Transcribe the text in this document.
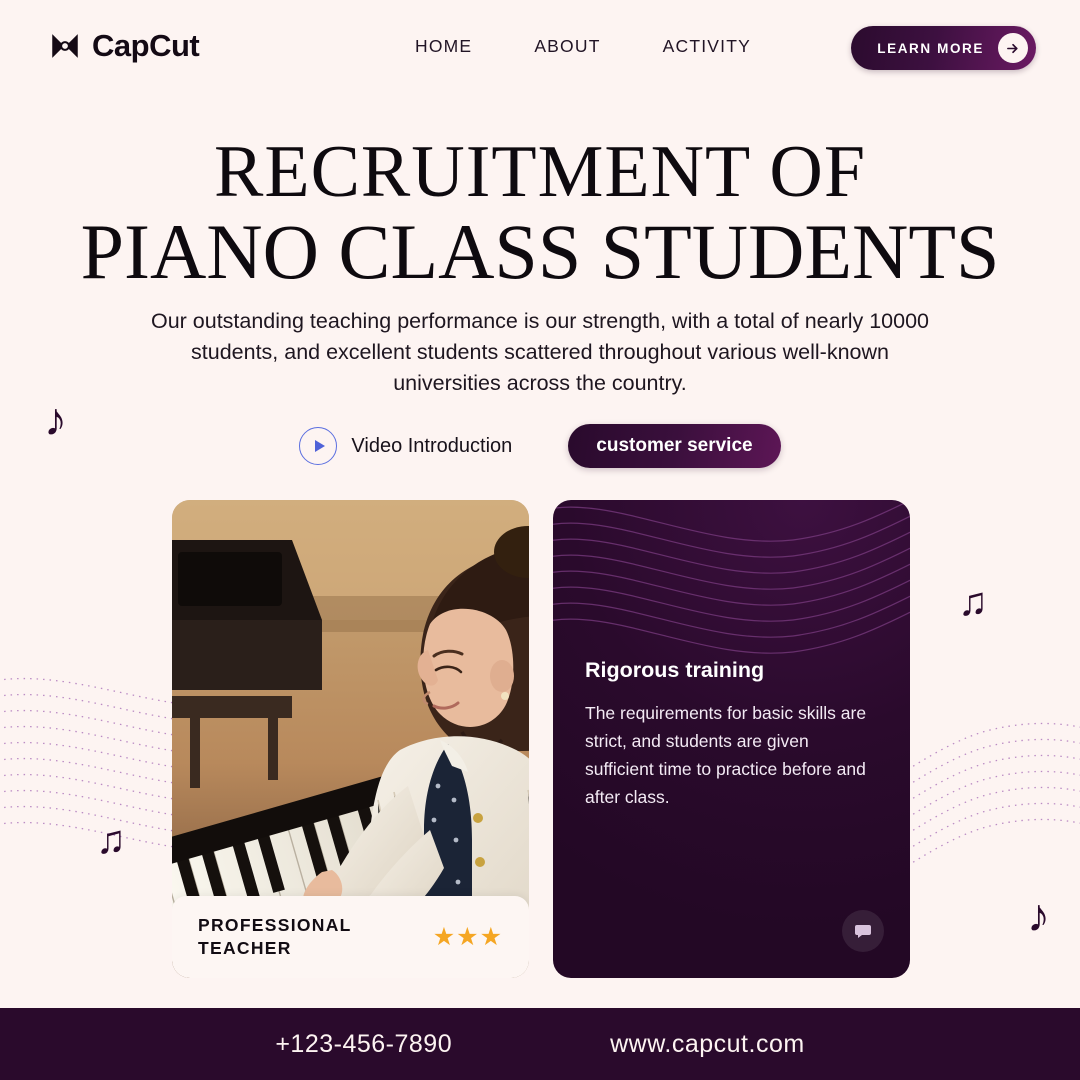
CapCut	HOME	ABOUT	ACTIVITY	LEARN MORE
RECRUITMENT OF
PIANO CLASS STUDENTS

Our outstanding teaching performance is our strength, with a total of nearly 10000 students, and excellent students scattered throughout various well-known universities across the country.

Video Introduction	customer service
PROFESSIONAL
TEACHER	★★★
Rigorous training
The requirements for basic skills are strict, and students are given sufficient time to practice before and after class.
♪
♫
♫
♪
+123-456-7890	www.capcut.com
